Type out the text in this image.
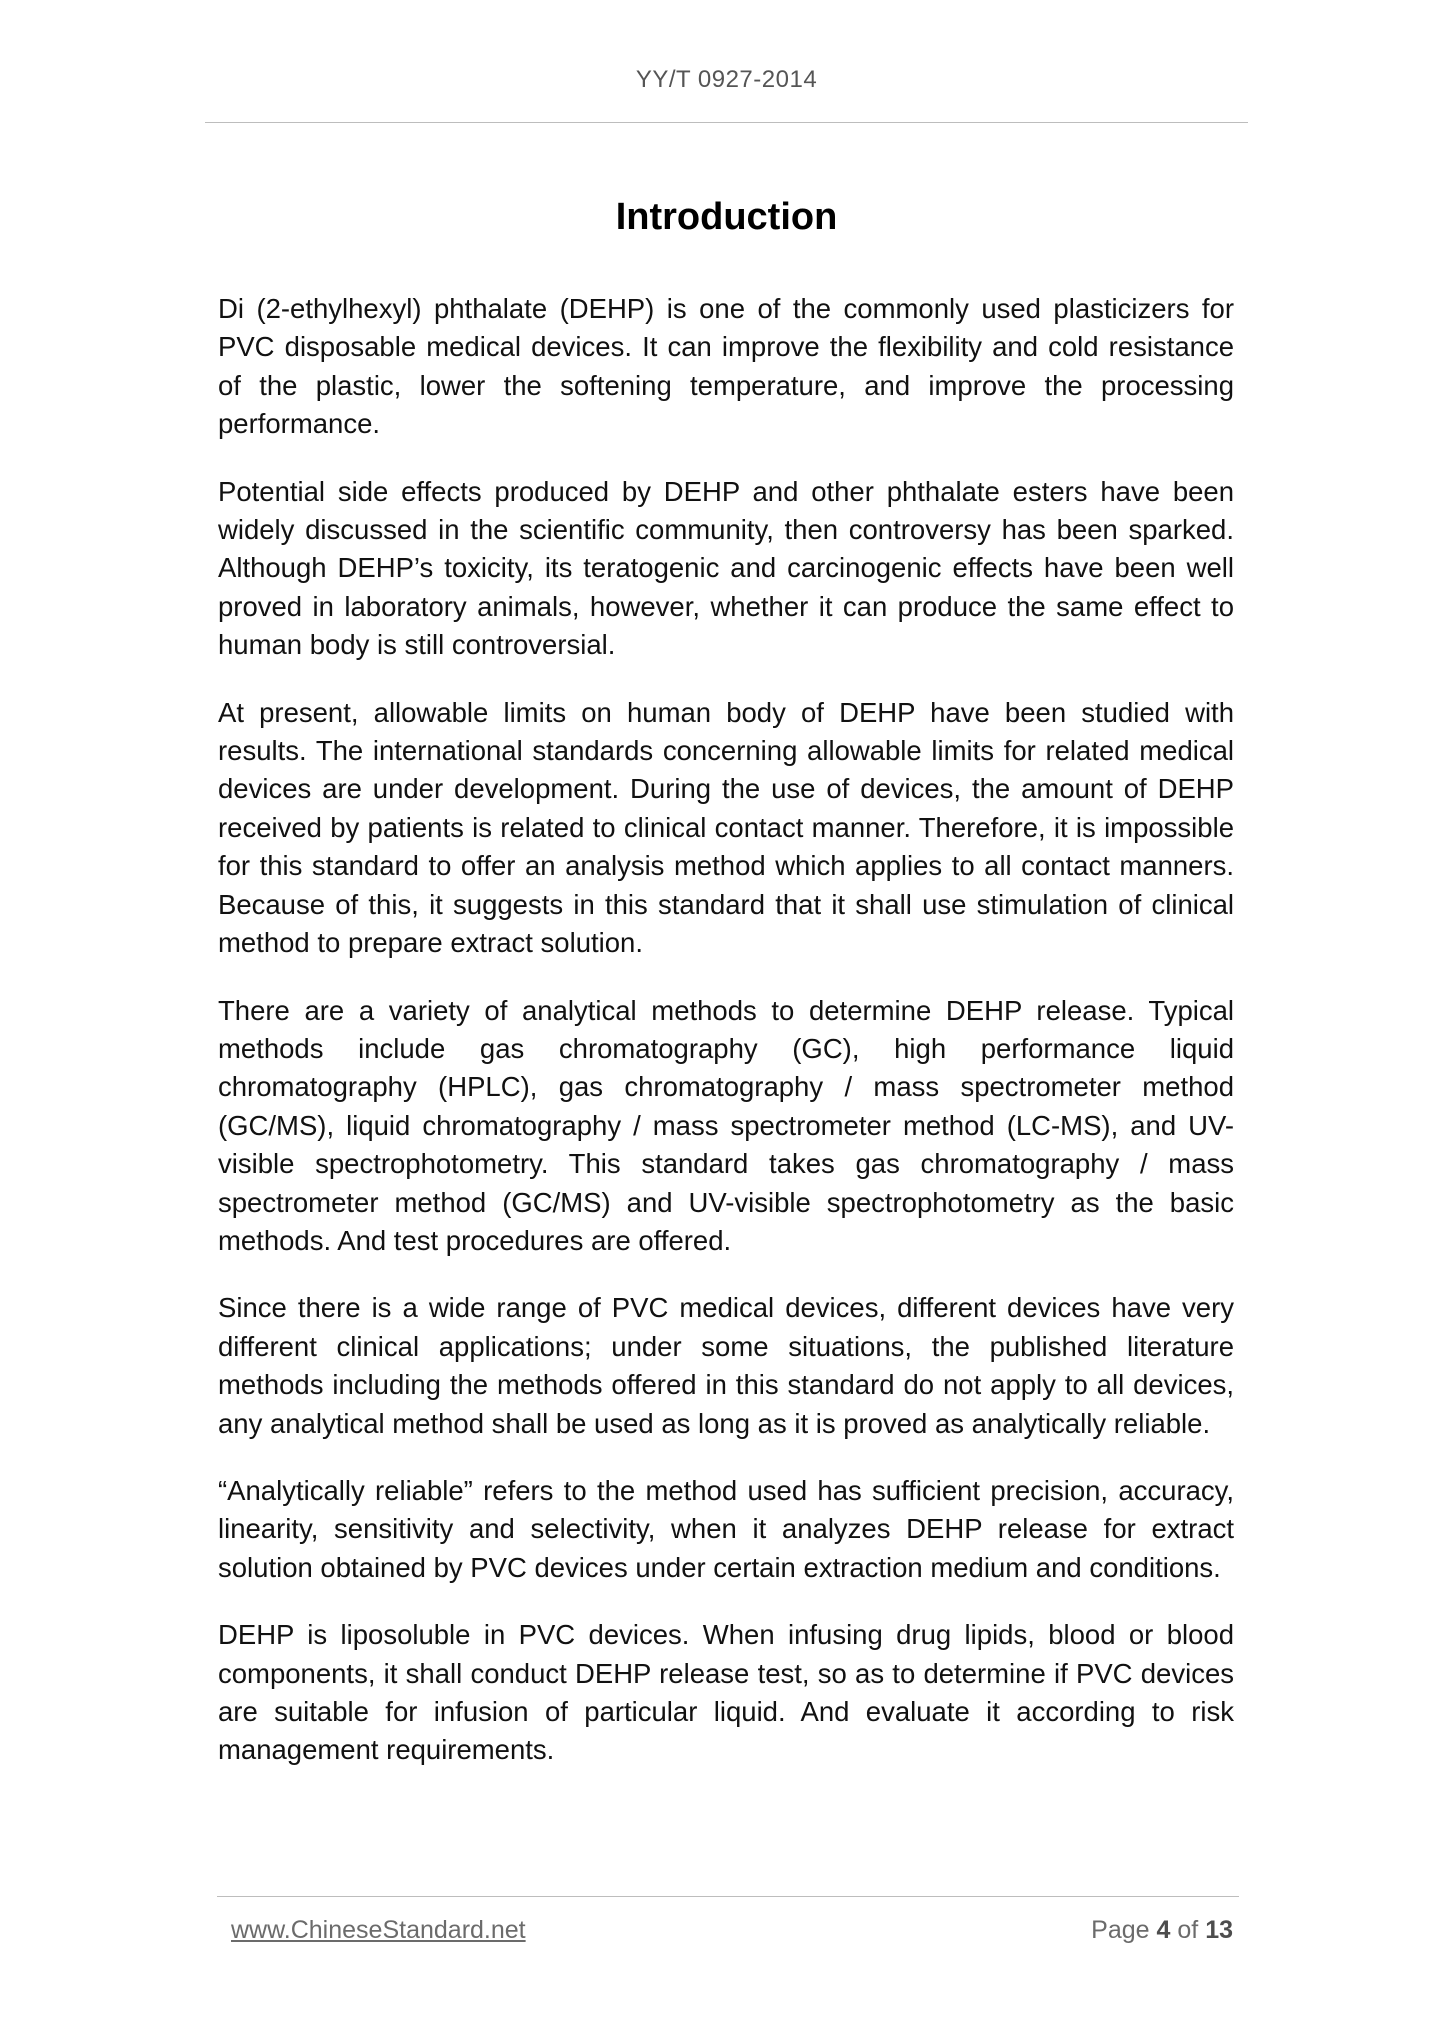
YY/T 0927-2014
Introduction

Di (2-ethylhexyl) phthalate (DEHP) is one of the commonly used plasticizers for PVC disposable medical devices. It can improve the flexibility and cold resistance of the plastic, lower the softening temperature, and improve the processing performance.

Potential side effects produced by DEHP and other phthalate esters have been widely discussed in the scientific community, then controversy has been sparked. Although DEHP’s toxicity, its teratogenic and carcinogenic effects have been well proved in laboratory animals, however, whether it can produce the same effect to human body is still controversial.

At present, allowable limits on human body of DEHP have been studied with results. The international standards concerning allowable limits for related medical devices are under development. During the use of devices, the amount of DEHP received by patients is related to clinical contact manner. Therefore, it is impossible for this standard to offer an analysis method which applies to all contact manners. Because of this, it suggests in this standard that it shall use stimulation of clinical method to prepare extract solution.

There are a variety of analytical methods to determine DEHP release. Typical methods include gas chromatography (GC), high performance liquid chromatography (HPLC), gas chromatography / mass spectrometer method (GC/MS), liquid chromatography / mass spectrometer method (LC-MS), and UV-visible spectrophotometry. This standard takes gas chromatography / mass spectrometer method (GC/MS) and UV-visible spectrophotometry as the basic methods. And test procedures are offered.

Since there is a wide range of PVC medical devices, different devices have very different clinical applications; under some situations, the published literature methods including the methods offered in this standard do not apply to all devices, any analytical method shall be used as long as it is proved as analytically reliable.

“Analytically reliable” refers to the method used has sufficient precision, accuracy, linearity, sensitivity and selectivity, when it analyzes DEHP release for extract solution obtained by PVC devices under certain extraction medium and conditions.

DEHP is liposoluble in PVC devices. When infusing drug lipids, blood or blood components, it shall conduct DEHP release test, so as to determine if PVC devices are suitable for infusion of particular liquid. And evaluate it according to risk management requirements.

www.ChineseStandard.net	Page 4 of 13
